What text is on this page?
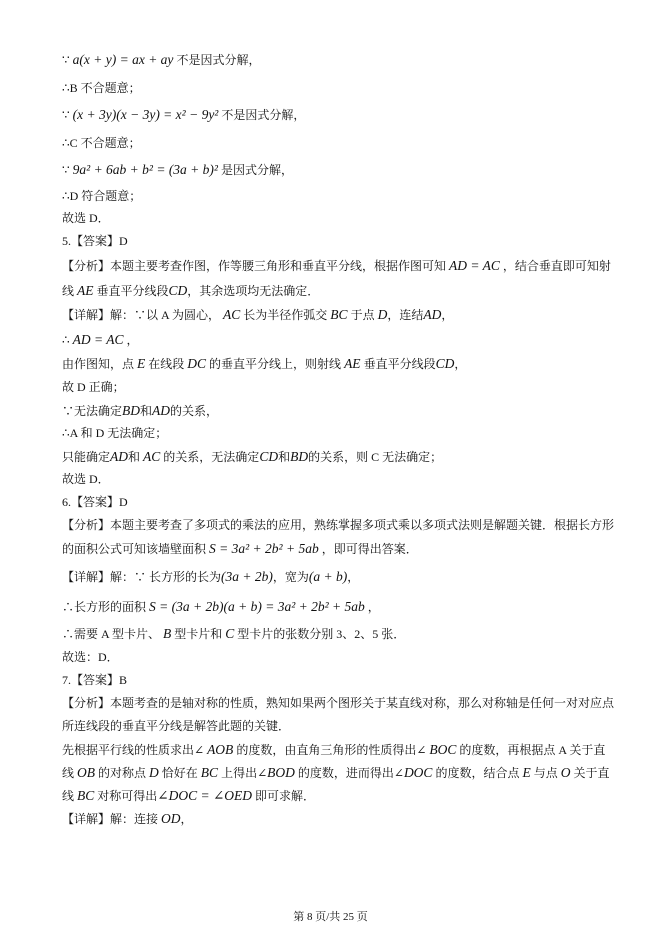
∵ a(x + y) = ax + ay 不是因式分解，
∴B 不合题意；
∵ (x + 3y)(x − 3y) = x² − 9y² 不是因式分解，
∴C 不合题意；
∵ 9a² + 6ab + b² = (3a + b)² 是因式分解，
∴D 符合题意；
故选 D．
5.【答案】D
【分析】本题主要考查作图，作等腰三角形和垂直平分线，根据作图可知 AD = AC ，结合垂直即可知射
线 AE 垂直平分线段CD，其余选项均无法确定．
【详解】解：∵以 A 为圆心， AC 长为半径作弧交 BC 于点 D，连结AD，
∴ AD = AC ，
由作图知，点 E 在线段 DC 的垂直平分线上，则射线 AE 垂直平分线段CD，
故 D 正确；
∵无法确定BD和AD的关系，
∴A 和 D 无法确定；
只能确定AD和 AC 的关系，无法确定CD和BD的关系，则 C 无法确定；
故选 D．
6.【答案】D
【分析】本题主要考查了多项式的乘法的应用，熟练掌握多项式乘以多项式法则是解题关键．根据长方形
的面积公式可知该墙壁面积 S = 3a² + 2b² + 5ab ，即可得出答案．
【详解】解：∵ 长方形的长为(3a + 2b)，宽为(a + b)，
∴长方形的面积 S = (3a + 2b)(a + b) = 3a² + 2b² + 5ab ，
∴需要 A 型卡片、 B 型卡片和 C 型卡片的张数分别 3、2、5 张．
故选：D．
7.【答案】B
【分析】本题考查的是轴对称的性质，熟知如果两个图形关于某直线对称，那么对称轴是任何一对对应点
所连线段的垂直平分线是解答此题的关键．
先根据平行线的性质求出∠ AOB 的度数，由直角三角形的性质得出∠ BOC 的度数，再根据点 A 关于直
线 OB 的对称点 D 恰好在 BC 上得出∠BOD 的度数，进而得出∠DOC 的度数，结合点 E 与点 O 关于直
线 BC 对称可得出∠DOC = ∠OED 即可求解．
【详解】解：连接 OD，
第 8 页/共 25 页
